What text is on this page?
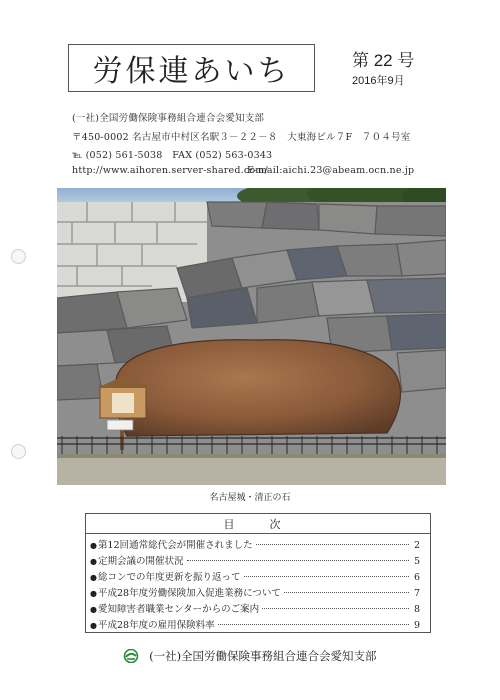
労保連あいち	第 22 号
2016年9月
(一社)全国労働保険事務組合連合会愛知支部
〒450-0002 名古屋市中村区名駅３－２２－８　大東海ビル７F　７０４号室
℡ (052) 561-5038　FAX (052) 563-0343
http://www.aihoren.server-shared.com/
E-mail:aichi.23@abeam.ocn.ne.jp
名古屋城・清正の石
目　次
● 第12回通常総代会が開催されました	2
● 定期会議の開催状況	5
● 総コンでの年度更新を振り返って	6
● 平成28年度労働保険加入促進業務について	7
● 愛知障害者職業センターからのご案内	8
● 平成28年度の雇用保険料率	9
(一社)全国労働保険事務組合連合会愛知支部
